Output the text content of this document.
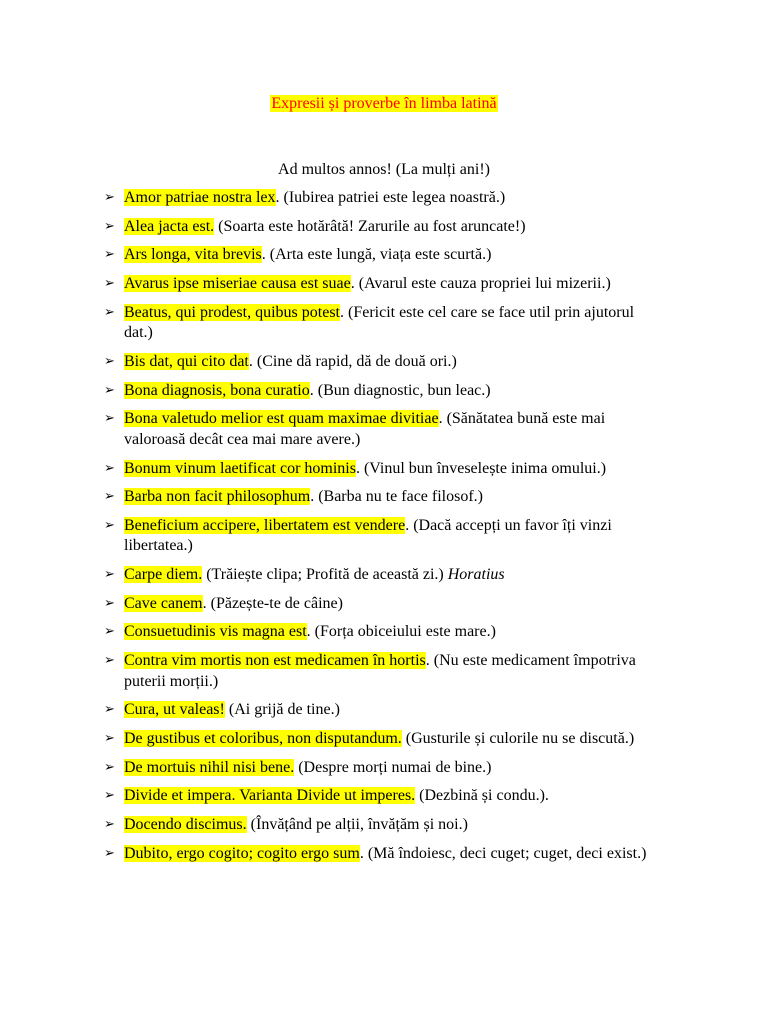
Expresii și proverbe în limba latină
Ad multos annos! (La mulți ani!)
➢ Amor patriae nostra lex. (Iubirea patriei este legea noastră.)
➢ Alea jacta est. (Soarta este hotărâtă! Zarurile au fost aruncate!)
➢ Ars longa, vita brevis. (Arta este lungă, viața este scurtă.)
➢ Avarus ipse miseriae causa est suae. (Avarul este cauza propriei lui mizerii.)
➢ Beatus, qui prodest, quibus potest. (Fericit este cel care se face util prin ajutorul dat.)
➢ Bis dat, qui cito dat. (Cine dă rapid, dă de două ori.)
➢ Bona diagnosis, bona curatio. (Bun diagnostic, bun leac.)
➢ Bona valetudo melior est quam maximae divitiae. (Sănătatea bună este mai valoroasă decât cea mai mare avere.)
➢ Bonum vinum laetificat cor hominis. (Vinul bun înveselește inima omului.)
➢ Barba non facit philosophum. (Barba nu te face filosof.)
➢ Beneficium accipere, libertatem est vendere. (Dacă accepți un favor îți vinzi libertatea.)
➢ Carpe diem. (Trăiește clipa; Profită de această zi.) Horatius
➢ Cave canem. (Păzește-te de câine)
➢ Consuetudinis vis magna est. (Forța obiceiului este mare.)
➢ Contra vim mortis non est medicamen în hortis. (Nu este medicament împotriva puterii morții.)
➢ Cura, ut valeas! (Ai grijă de tine.)
➢ De gustibus et coloribus, non disputandum. (Gusturile și culorile nu se discută.)
➢ De mortuis nihil nisi bene. (Despre morți numai de bine.)
➢ Divide et impera. Varianta Divide ut imperes. (Dezbină și condu.).
➢ Docendo discimus. (Învățând pe alții, învățăm și noi.)
➢ Dubito, ergo cogito; cogito ergo sum. (Mă îndoiesc, deci cuget; cuget, deci exist.)
